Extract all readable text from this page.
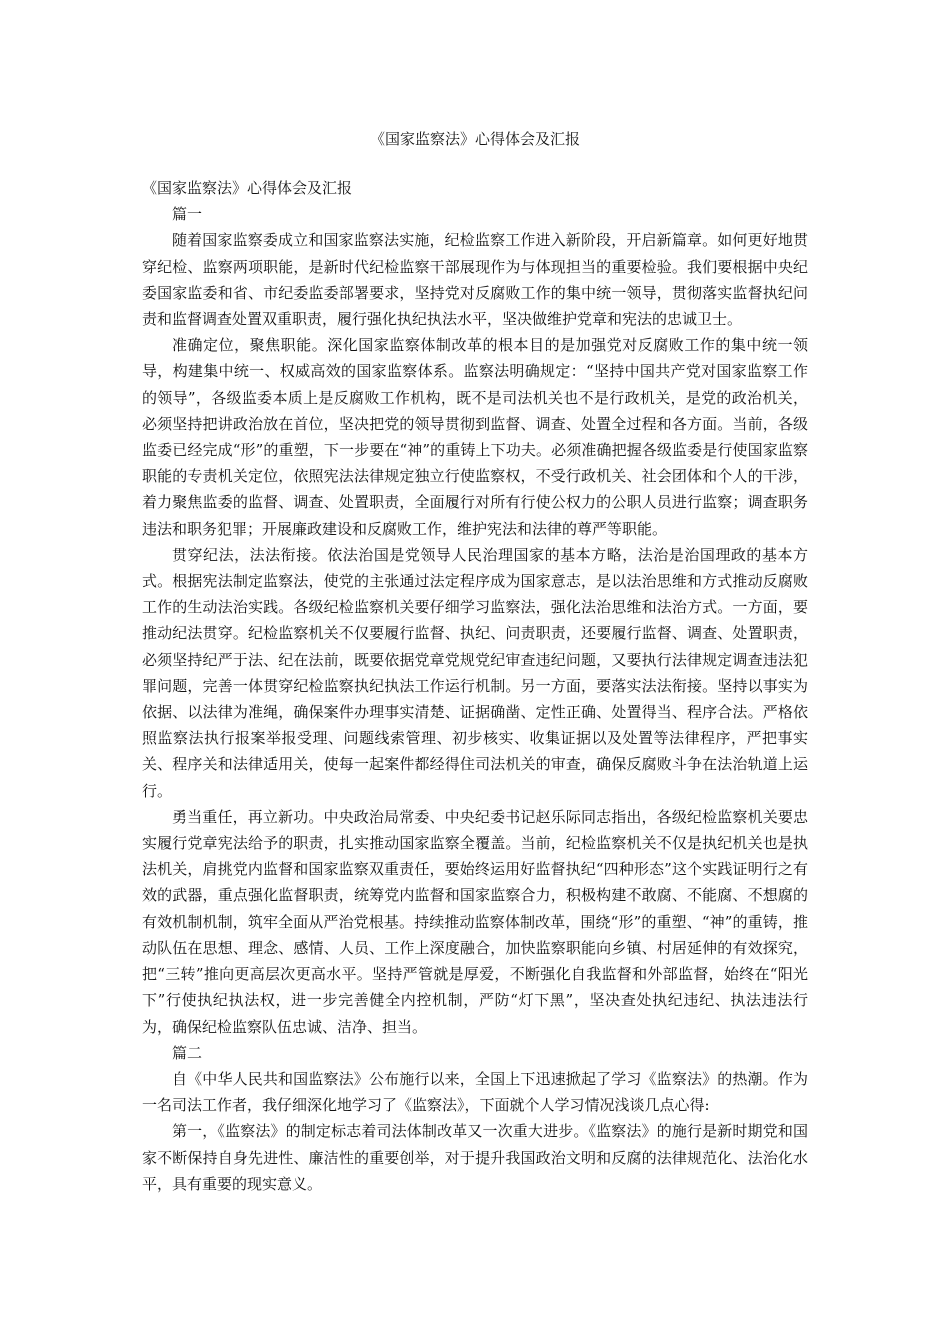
《国家监察法》心得体会及汇报

《国家监察法》心得体会及汇报

篇一

随着国家监察委成立和国家监察法实施，纪检监察工作进入新阶段，开启新篇章。如何更好地贯穿纪检、监察两项职能，是新时代纪检监察干部展现作为与体现担当的重要检验。我们要根据中央纪委国家监委和省、市纪委监委部署要求，坚持党对反腐败工作的集中统一领导，贯彻落实监督执纪问责和监督调查处置双重职责，履行强化执纪执法水平，坚决做维护党章和宪法的忠诚卫士。

准确定位，聚焦职能。深化国家监察体制改革的根本目的是加强党对反腐败工作的集中统一领导，构建集中统一、权威高效的国家监察体系。监察法明确规定：“坚持中国共产党对国家监察工作的领导”，各级监委本质上是反腐败工作机构，既不是司法机关也不是行政机关，是党的政治机关，必须坚持把讲政治放在首位，坚决把党的领导贯彻到监督、调查、处置全过程和各方面。当前，各级监委已经完成“形”的重塑，下一步要在“神”的重铸上下功夫。必须准确把握各级监委是行使国家监察职能的专责机关定位，依照宪法法律规定独立行使监察权，不受行政机关、社会团体和个人的干涉，着力聚焦监委的监督、调查、处置职责，全面履行对所有行使公权力的公职人员进行监察；调查职务违法和职务犯罪；开展廉政建设和反腐败工作，维护宪法和法律的尊严等职能。

贯穿纪法，法法衔接。依法治国是党领导人民治理国家的基本方略，法治是治国理政的基本方式。根据宪法制定监察法，使党的主张通过法定程序成为国家意志，是以法治思维和方式推动反腐败工作的生动法治实践。各级纪检监察机关要仔细学习监察法，强化法治思维和法治方式。一方面，要推动纪法贯穿。纪检监察机关不仅要履行监督、执纪、问责职责，还要履行监督、调查、处置职责，必须坚持纪严于法、纪在法前，既要依据党章党规党纪审查违纪问题，又要执行法律规定调查违法犯罪问题，完善一体贯穿纪检监察执纪执法工作运行机制。另一方面，要落实法法衔接。坚持以事实为依据、以法律为准绳，确保案件办理事实清楚、证据确凿、定性正确、处置得当、程序合法。严格依照监察法执行报案举报受理、问题线索管理、初步核实、收集证据以及处置等法律程序，严把事实关、程序关和法律适用关，使每一起案件都经得住司法机关的审查，确保反腐败斗争在法治轨道上运行。

勇当重任，再立新功。中央政治局常委、中央纪委书记赵乐际同志指出，各级纪检监察机关要忠实履行党章宪法给予的职责，扎实推动国家监察全覆盖。当前，纪检监察机关不仅是执纪机关也是执法机关，肩挑党内监督和国家监察双重责任，要始终运用好监督执纪“四种形态”这个实践证明行之有效的武器，重点强化监督职责，统筹党内监督和国家监察合力，积极构建不敢腐、不能腐、不想腐的有效机制机制，筑牢全面从严治党根基。持续推动监察体制改革，围绕“形”的重塑、“神”的重铸，推动队伍在思想、理念、感情、人员、工作上深度融合，加快监察职能向乡镇、村居延伸的有效探究，把“三转”推向更高层次更高水平。坚持严管就是厚爱，不断强化自我监督和外部监督，始终在“阳光下”行使执纪执法权，进一步完善健全内控机制，严防“灯下黑”，坚决查处执纪违纪、执法违法行为，确保纪检监察队伍忠诚、洁净、担当。

篇二

自《中华人民共和国监察法》公布施行以来，全国上下迅速掀起了学习《监察法》的热潮。作为一名司法工作者，我仔细深化地学习了《监察法》，下面就个人学习情况浅谈几点心得:

第一，《监察法》的制定标志着司法体制改革又一次重大进步。《监察法》的施行是新时期党和国家不断保持自身先进性、廉洁性的重要创举，对于提升我国政治文明和反腐的法律规范化、法治化水平，具有重要的现实意义。
